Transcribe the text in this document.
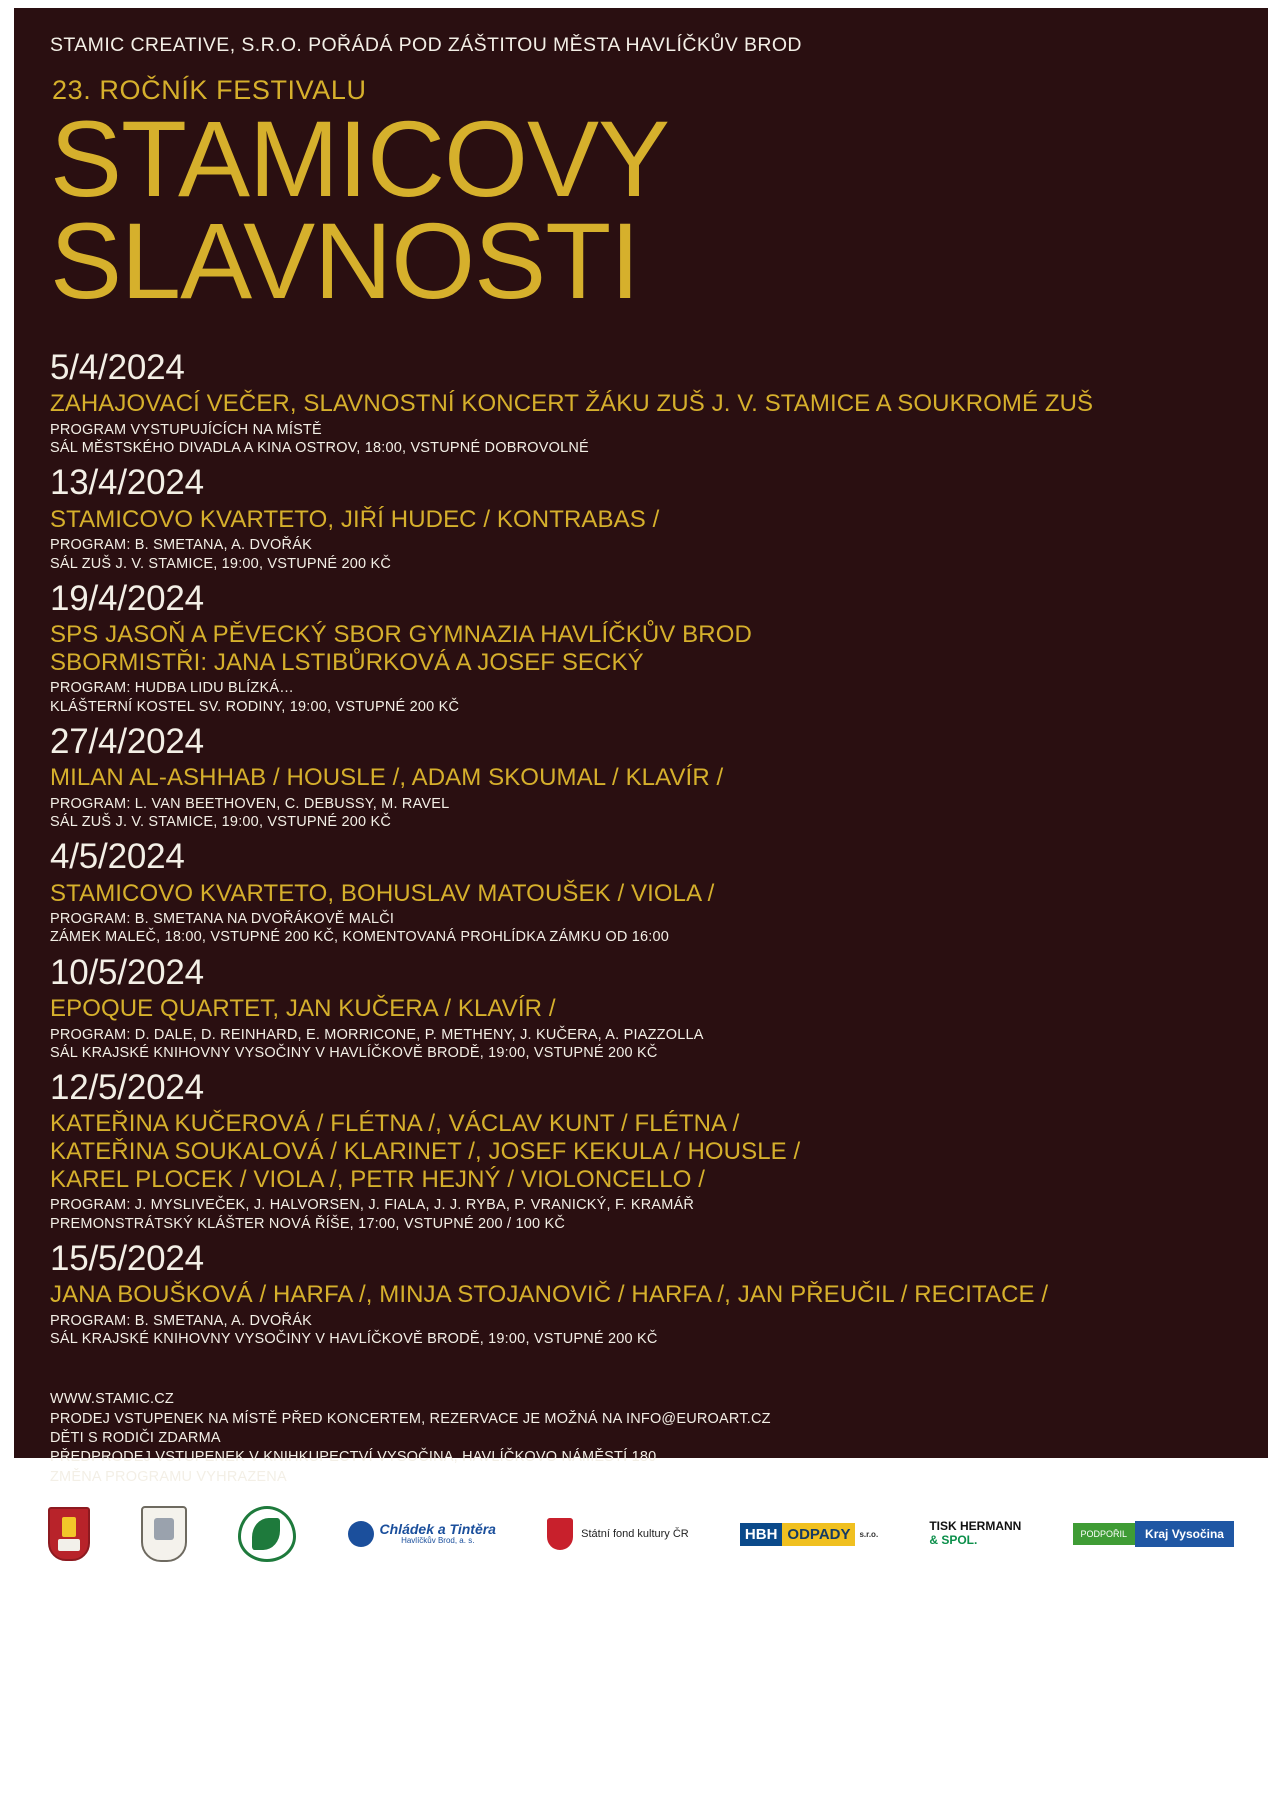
STAMIC CREATIVE, S.R.O. POŘÁDÁ POD ZÁŠTITOU MĚSTA HAVLÍČKŮV BROD
23. ROČNÍK FESTIVALU
STAMICOVY
SLAVNOSTI
5/4/2024
ZAHAJOVACÍ VEČER, SLAVNOSTNÍ KONCERT ŽÁKU ZUŠ J. V. STAMICE A SOUKROMÉ ZUŠ
PROGRAM VYSTUPUJÍCÍCH NA MÍSTĚ
SÁL MĚSTSKÉHO DIVADLA A KINA OSTROV, 18:00, VSTUPNÉ DOBROVOLNÉ
13/4/2024
STAMICOVO KVARTETO, JIŘÍ HUDEC / KONTRABAS /
PROGRAM: B. SMETANA, A. DVOŘÁK
SÁL ZUŠ J. V. STAMICE, 19:00, VSTUPNÉ 200 KČ
19/4/2024
SPS JASOŇ A PĚVECKÝ SBOR GYMNAZIA HAVLÍČKŮV BROD
SBORMISTŘI: JANA LSTIBŮRKOVÁ A JOSEF SECKÝ
PROGRAM: HUDBA LIDU BLÍZKÁ…
KLÁŠTERNÍ KOSTEL SV. RODINY, 19:00, VSTUPNÉ 200 KČ
27/4/2024
MILAN AL-ASHHAB / HOUSLE /, ADAM SKOUMAL / KLAVÍR /
PROGRAM: L. VAN BEETHOVEN, C. DEBUSSY, M. RAVEL
SÁL ZUŠ J. V. STAMICE, 19:00, VSTUPNÉ 200 KČ
4/5/2024
STAMICOVO KVARTETO, BOHUSLAV MATOUŠEK / VIOLA /
PROGRAM: B. SMETANA NA DVOŘÁKOVĚ MALČI
ZÁMEK MALEČ, 18:00, VSTUPNÉ 200 KČ, KOMENTOVANÁ PROHLÍDKA ZÁMKU OD 16:00
10/5/2024
EPOQUE QUARTET, JAN KUČERA / KLAVÍR /
PROGRAM: D. DALE, D. REINHARD, E. MORRICONE, P. METHENY, J. KUČERA, A. PIAZZOLLA
SÁL KRAJSKÉ KNIHOVNY VYSOČINY V HAVLÍČKOVĚ BRODĚ, 19:00, VSTUPNÉ 200 KČ
12/5/2024
KATEŘINA KUČEROVÁ / FLÉTNA /, VÁCLAV KUNT / FLÉTNA /
KATEŘINA SOUKALOVÁ / KLARINET /, JOSEF KEKULA / HOUSLE /
KAREL PLOCEK / VIOLA /, PETR HEJNÝ / VIOLONCELLO /
PROGRAM: J. MYSLIVEČEK, J. HALVORSEN, J. FIALA, J. J. RYBA, P. VRANICKÝ, F. KRAMÁŘ
PREMONSTRÁTSKÝ KLÁŠTER NOVÁ ŘÍŠE, 17:00, VSTUPNÉ 200 / 100 KČ
15/5/2024
JANA BOUŠKOVÁ / HARFA /, MINJA STOJANOVIČ / HARFA /, JAN PŘEUČIL / RECITACE /
PROGRAM: B. SMETANA, A. DVOŘÁK
SÁL KRAJSKÉ KNIHOVNY VYSOČINY V HAVLÍČKOVĚ BRODĚ, 19:00, VSTUPNÉ 200 KČ
WWW.STAMIC.CZ
PRODEJ VSTUPENEK NA MÍSTĚ PŘED KONCERTEM, REZERVACE JE MOŽNÁ NA INFO@EUROART.CZ
DĚTI S RODIČI ZDARMA
PŘEDPRODEJ VSTUPENEK V KNIHKUPECTVÍ VYSOČINA, HAVLÍČKOVO NÁMĚSTÍ 180
ZMĚNA PROGRAMU VYHRAZENA
Chládek a Tintěra
Havlíčkův Brod, a. s.
Státní fond kultury ČR	HBH ODPADY	s.r.o.
TISK HERMANN
& SPOL.	PODPOŘIL	Kraj Vysočina
